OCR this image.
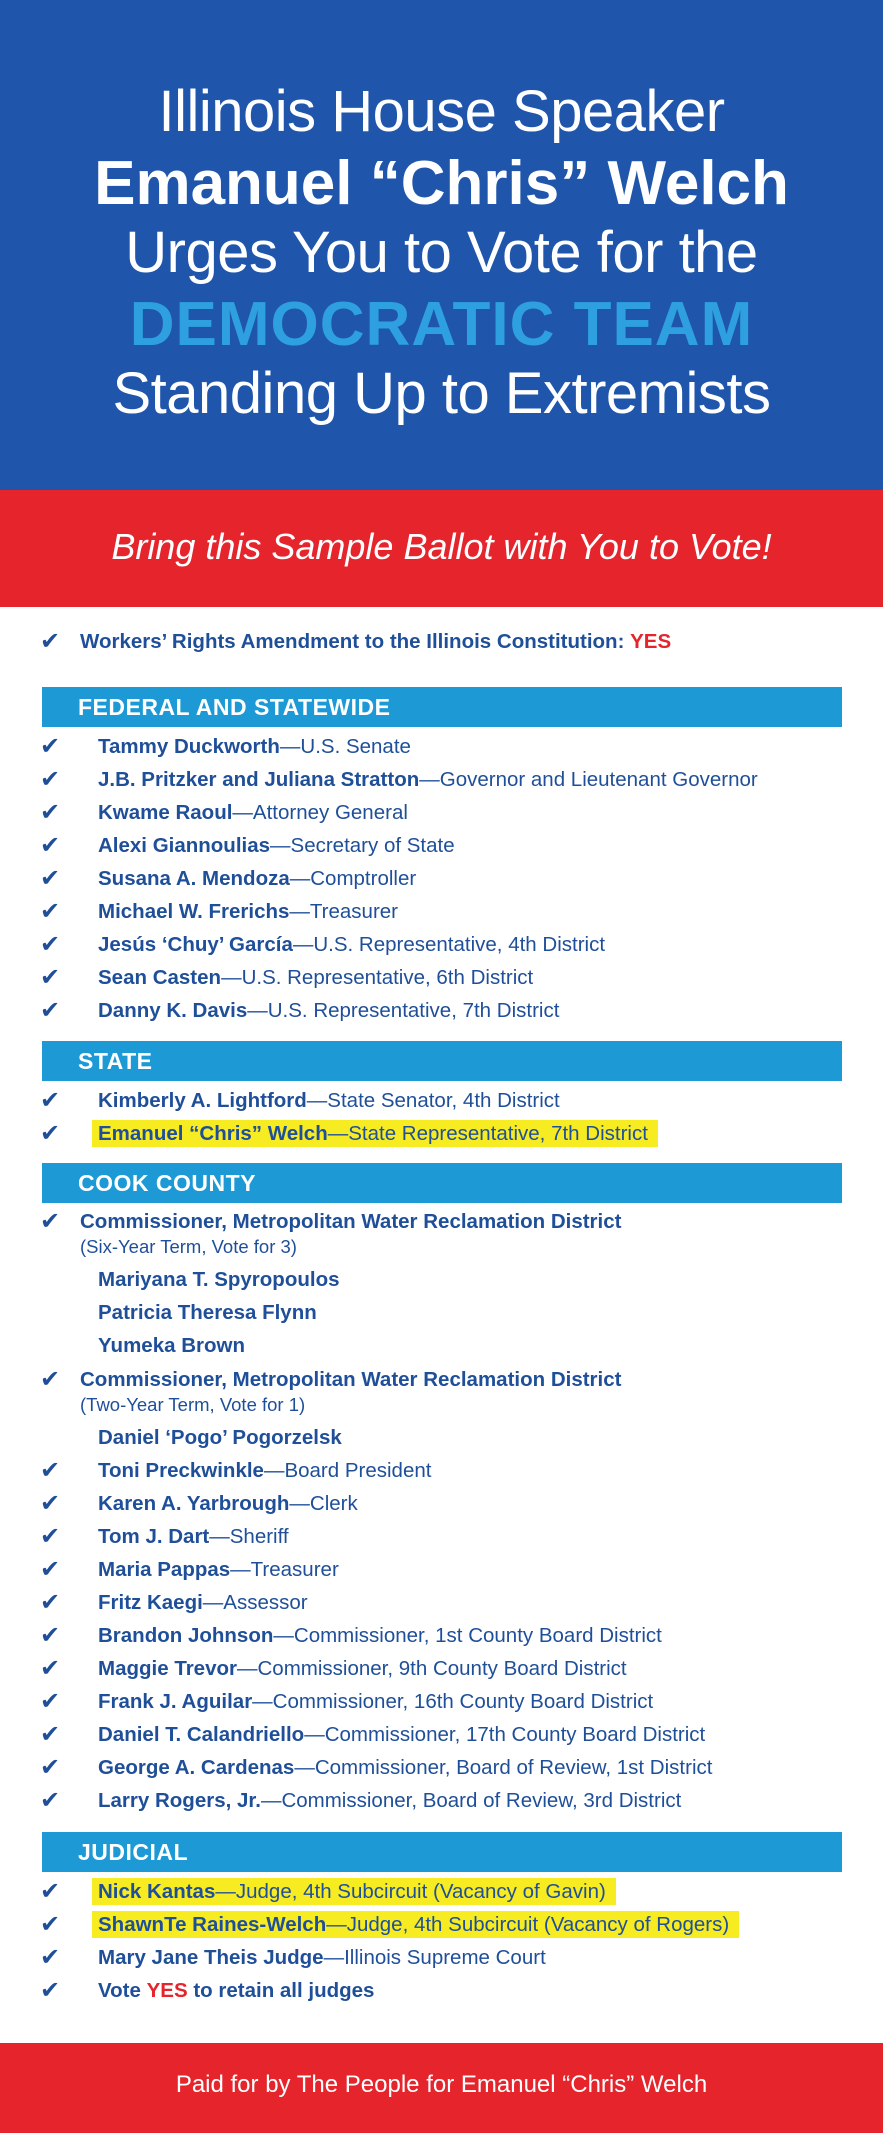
Illinois House Speaker
Emanuel “Chris” Welch
Urges You to Vote for the
DEMOCRATIC TEAM
Standing Up to Extremists
Bring this Sample Ballot with You to Vote!
✔ Workers’ Rights Amendment to the Illinois Constitution: YES
FEDERAL AND STATEWIDE
✔ Tammy Duckworth—U.S. Senate
✔ J.B. Pritzker and Juliana Stratton—Governor and Lieutenant Governor
✔ Kwame Raoul—Attorney General
✔ Alexi Giannoulias—Secretary of State
✔ Susana A. Mendoza—Comptroller
✔ Michael W. Frerichs—Treasurer
✔ Jesús ‘Chuy’ García—U.S. Representative, 4th District
✔ Sean Casten—U.S. Representative, 6th District
✔ Danny K. Davis—U.S. Representative, 7th District
STATE
✔ Kimberly A. Lightford—State Senator, 4th District
✔ Emanuel “Chris” Welch—State Representative, 7th District
COOK COUNTY
✔ Commissioner, Metropolitan Water Reclamation District
(Six-Year Term, Vote for 3)
Mariyana T. Spyropoulos
Patricia Theresa Flynn
Yumeka Brown
✔ Commissioner, Metropolitan Water Reclamation District
(Two-Year Term, Vote for 1)
Daniel ‘Pogo’ Pogorzelsk
✔ Toni Preckwinkle—Board President
✔ Karen A. Yarbrough—Clerk
✔ Tom J. Dart—Sheriff
✔ Maria Pappas—Treasurer
✔ Fritz Kaegi—Assessor
✔ Brandon Johnson—Commissioner, 1st County Board District
✔ Maggie Trevor—Commissioner, 9th County Board District
✔ Frank J. Aguilar—Commissioner, 16th County Board District
✔ Daniel T. Calandriello—Commissioner, 17th County Board District
✔ George A. Cardenas—Commissioner, Board of Review, 1st District
✔ Larry Rogers, Jr.—Commissioner, Board of Review, 3rd District
JUDICIAL
✔ Nick Kantas—Judge, 4th Subcircuit (Vacancy of Gavin)
✔ ShawnTe Raines-Welch—Judge, 4th Subcircuit (Vacancy of Rogers)
✔ Mary Jane Theis Judge—Illinois Supreme Court
✔ Vote YES to retain all judges
Paid for by The People for Emanuel “Chris” Welch
